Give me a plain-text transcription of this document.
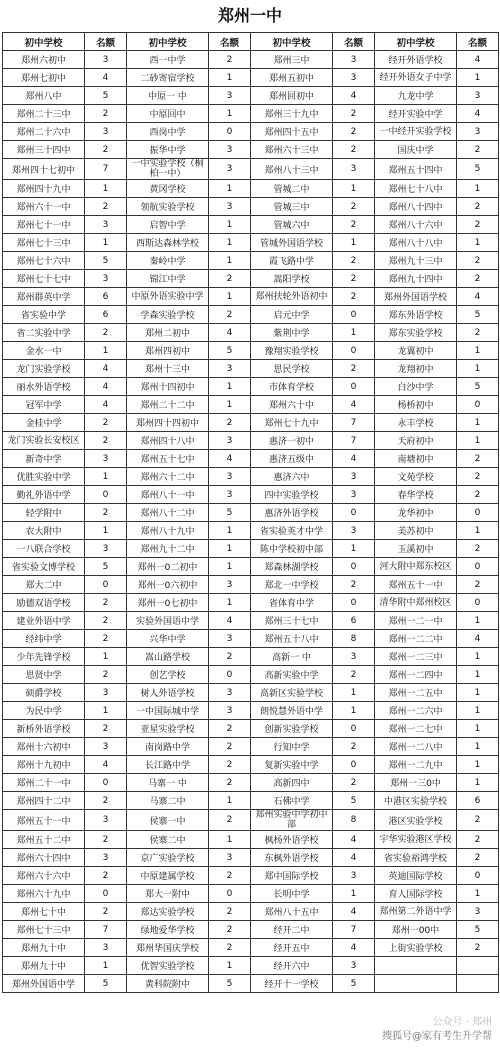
郑州一中
初中学校	名额	初中学校	名额	初中学校	名额	初中学校	名额
郑州六初中	3	西一中学	2	郑州三中	3	经开外语学校	4
郑州七初中	4	二砂寄宿学校	1	郑州五初中	3	经开外语女子中学	1
郑州八中	5	中原一 中	3	郑州回初中	4	九龙中学	3
郑州二十三中	2	中原回中	1	郑州三十九中	2	经开实验中学	4
郑州二十六中	3	西岗中学	0	郑州四十五中	2	一中经开实验学校	3
郑州三十四中	2	振华中学	3	郑州六十三中	2	国庆中学	2
郑州四十七初中	7	一中实验学校（桐柏一中）	3	郑州八十三中	3	郑州五十四中	5
郑州四十九中	1	黄冈学校	1	管城二中	1	郑州七十八中	1
郑州六十一中	2	领航实验学校	3	管城三中	2	郑州八十四中	2
郑州七十一中	3	启智中学	1	管城六中	2	郑州八十六中	2
郑州七十三中	1	西斯达森林学校	1	管城外国语学校	1	郑州八十八中	1
郑州七十六中	5	秦岭中学	1	霞飞路中学	2	郑州九十三中	2
郑州七十七中	3	锦江中学	2	嵩阳学校	2	郑州九十四中	2
郑州群英中学	6	中原外语实验中学	1	郑州扶轮外语初中	2	郑州外国语学校	4
省实验中学	6	学森实验学校	2	启元中学	0	郑东外语学校	5
省二实验中学	2	郑州二初中	4	紫荆中学	1	郑东实验学校	2
金水一中	1	郑州四初中	5	豫翔实验学校	0	龙翼初中	1
龙门实验学校	4	郑州十三中	3	思民学校	2	龙翔初中	1
丽水外语学校	4	郑州十四初中	1	市体育学校	0	白沙中学	5
冠军中学	4	郑州二十二中	1	郑州六十中	4	杨桥初中	0
金桂中学	2	郑州四十四初中	2	郑州七十九中	7	永丰学校	1
龙门实验长安校区	2	郑州四十八中	3	惠济一初中	7	天府初中	1
新奇中学	3	郑州五十七中	4	惠济五级中	4	南塘初中	2
优胜实验中学	1	郑州六十二中	3	惠济六中	3	文苑学校	2
勤礼外语中学	0	郑州八十一中	3	四中实验学校	3	春华学校	2
轻学附中	2	郑州八十二中	5	惠济外语学校	0	龙华初中	0
农大附中	1	郑州八十九中	1	省实验英才中学	3	美苏初中	1
一八联合学校	3	郑州九十二中	1	陈中学校初中部	1	玉溪初中	2
省实验文博学校	5	郑州一0二初中	1	郑森林湖学校	0	河大附中郑东校区	0
郑大二中	0	郑州一0六初中	3	郑北一中学校	2	郑州五十一中	2
励德双语学校	2	郑州一0七初中	1	省体育中学	0	清华附中郑州校区	0
建业外语中学	2	实验外国语中学	4	郑州三十七中	6	郑州一二一中	1
经纬中学	2	兴华中学	3	郑州五十八中	8	郑州一二二中	4
少年先锋学校	1	嵩山路学校	2	高新一 中	3	郑州一二三中	1
思贤中学	2	创艺学校	0	高新实验中学	2	郑州一二四中	1
硕爵学校	3	树人外语学校	3	高新区实验学校	1	郑州一二五中	1
为民中学	1	一中国际城中学	3	朗悦慧外语中学	1	郑州一二六中	1
新桥外语学校	2	亚星实验学校	2	创新实验学校	0	郑州一二七中	1
郑州十六初中	3	南岗路中学	2	行知中学	2	郑州一二八中	1
郑州十九初中	4	长江路中学	2	复新实验中学	0	郑州一二九中	1
郑州二十一中	0	马寨一 中	2	高新四中	2	郑州一三0中	1
郑州四十二中	2	马寨二中	1	石佛中学	5	中港区实验学校	6
郑州五十一中	3	侯寨一中	2	郑州实验中学初中部	8	港区实验学校	2
郑州五十二中	2	侯寨二中	1	枫杨外语学校	4	宇华实验港区学校	2
郑州六十四中	3	京广实验学校	3	东枫外语学校	4	省实验裕鸿学校	2
郑州六十六中	2	中原建属学校	2	郑中国际学校	3	英迪国际学校	0
郑州六十九中	0	郑大一附中	0	长明中学	1	育人国际学校	1
郑州七十中	2	郑达实验学校	2	郑州八十五中	4	郑州第二外语中学	3
郑州七十三中	7	绿地爱华学校	2	经开二中	7	郑州一00中	5
郑州九十中	3	郑州华国庆学校	2	经开五中	4	上街实验学校	2
郑州九十中	1	优智实验学校	1	经开六中	3		
郑州外国语中学	5	黄科院附中	5	经开十一学校	5		
公众号 · 郑州
搜狐号@家有考生升学帮
